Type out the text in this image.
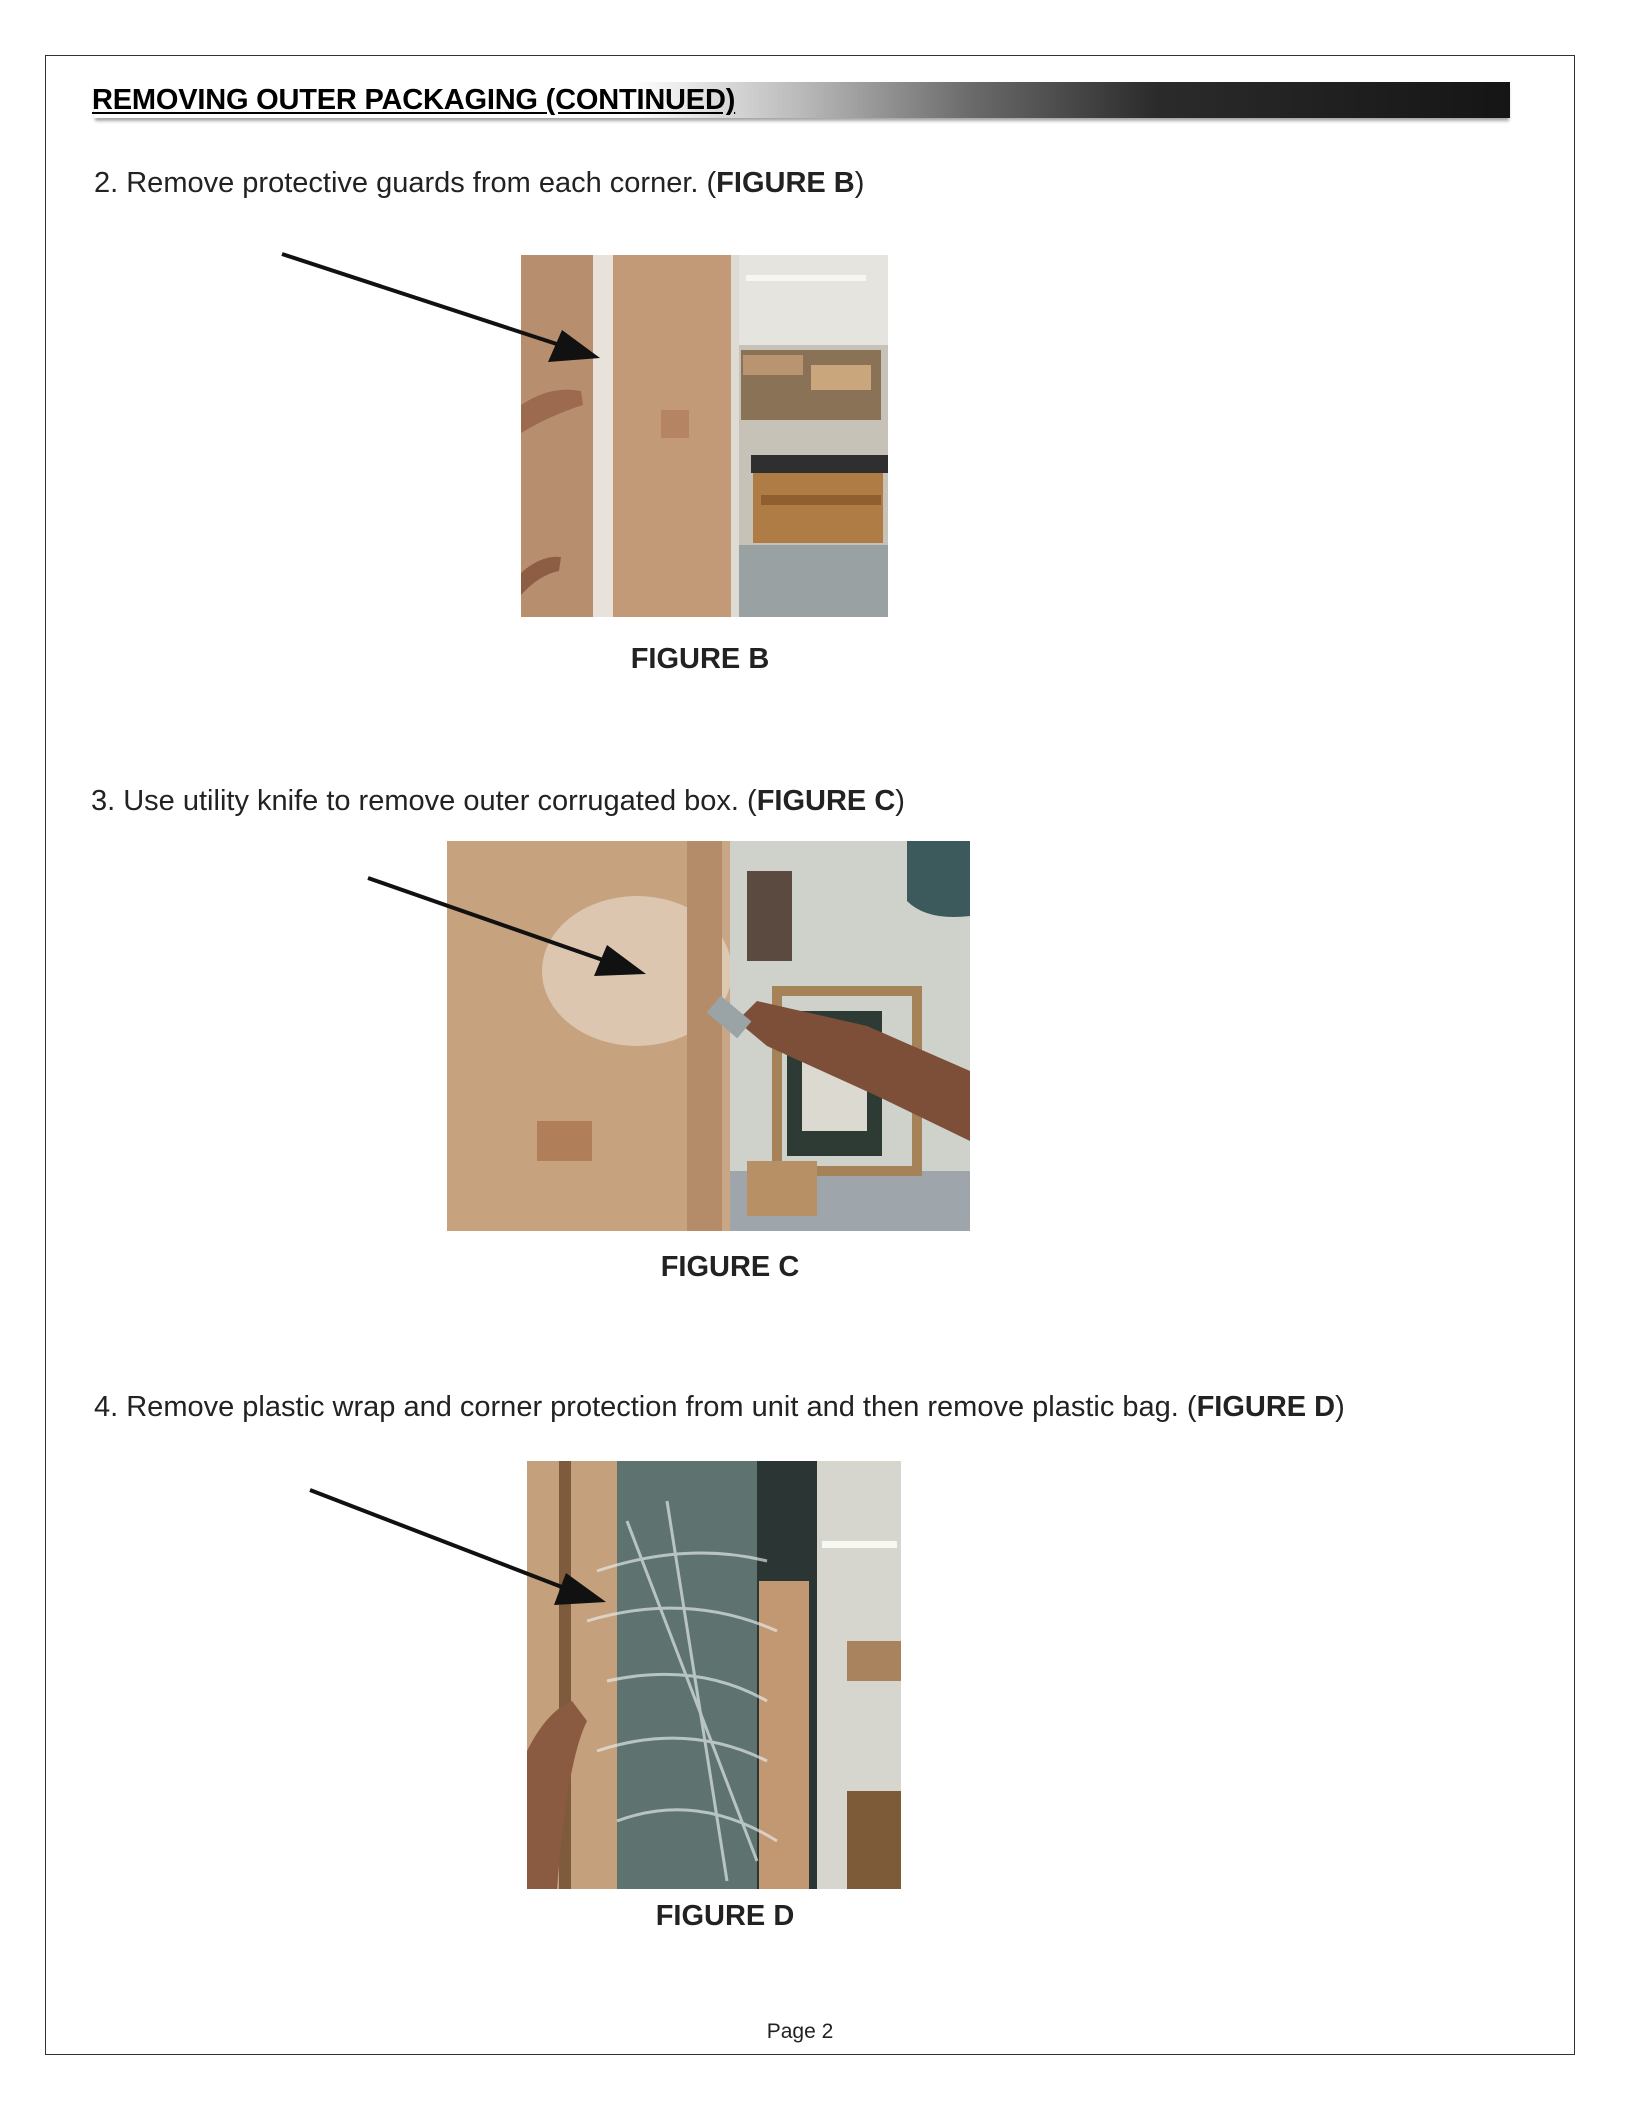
REMOVING OUTER PACKAGING (CONTINUED)
2. Remove protective guards from each corner. (FIGURE B)
FIGURE B
3. Use utility knife to remove outer corrugated box. (FIGURE C)
FIGURE C
4. Remove plastic wrap and corner protection from unit and then remove plastic bag. (FIGURE D)
FIGURE D
Page 2
